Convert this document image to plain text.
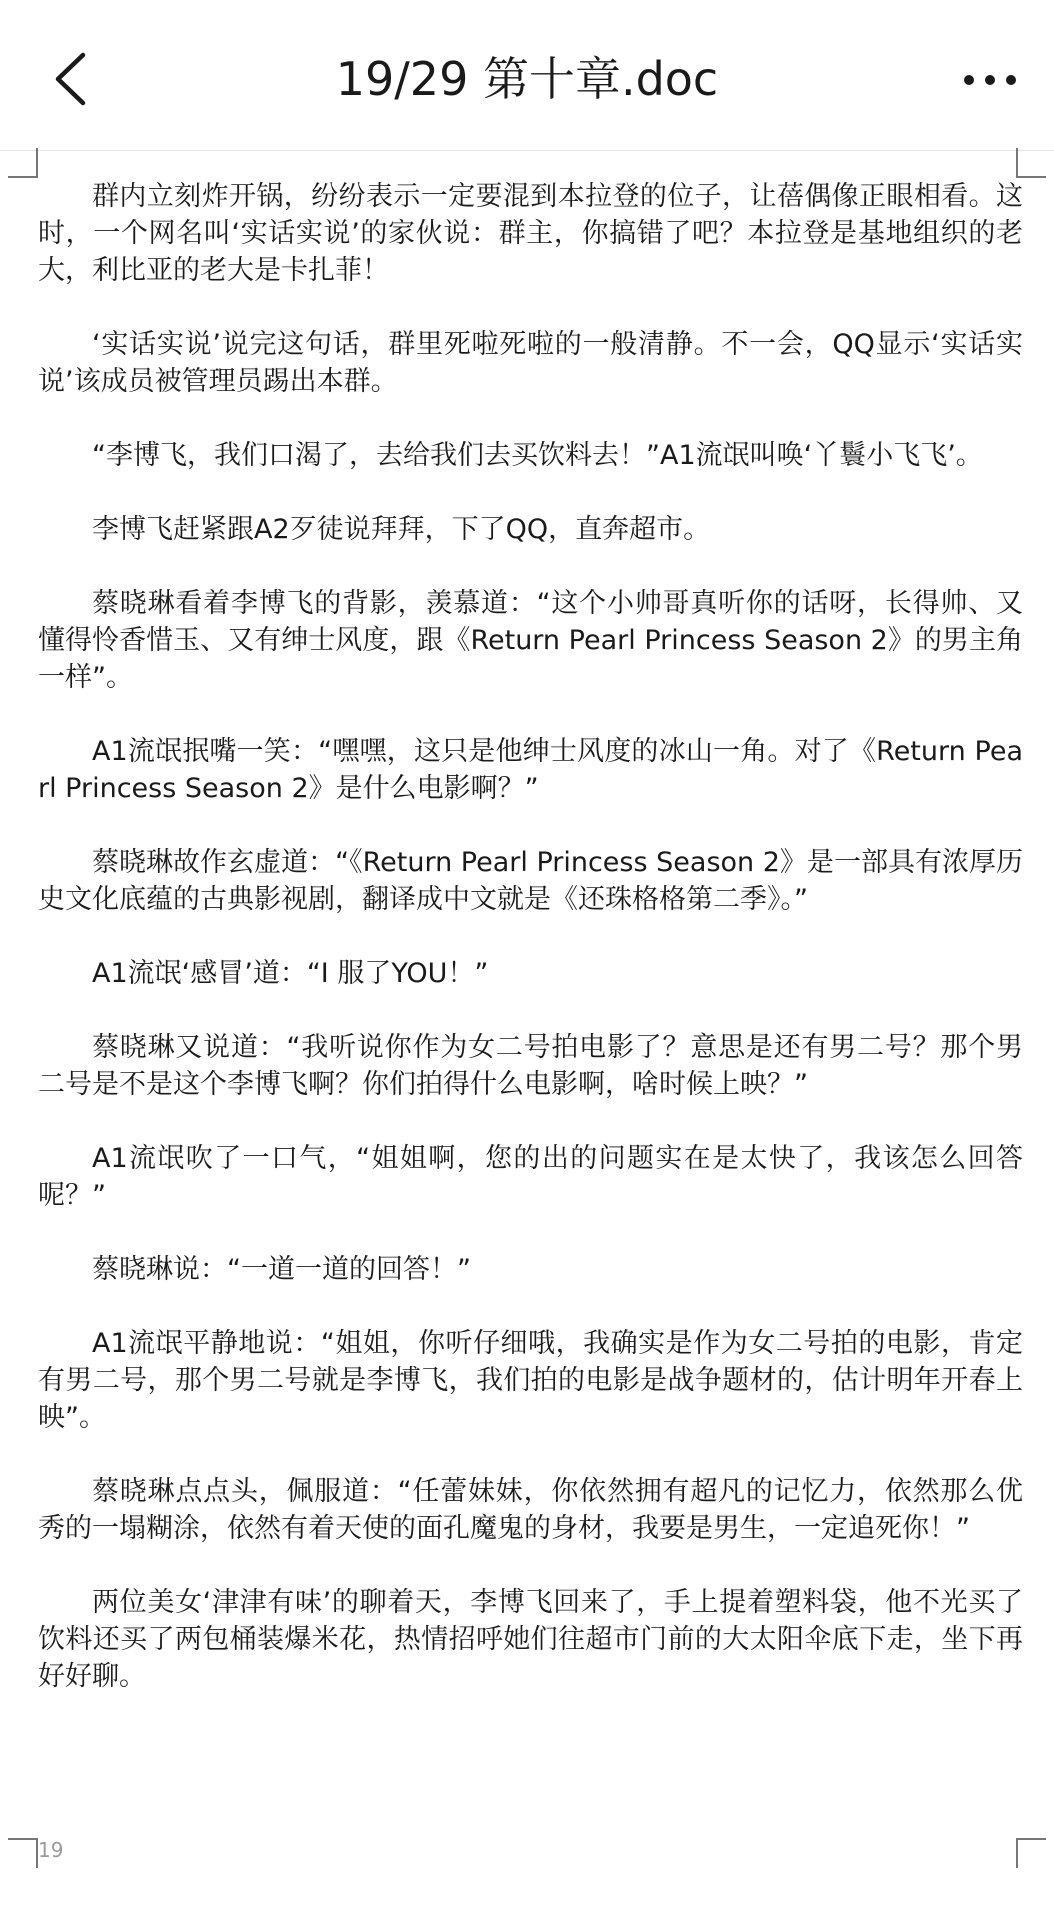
19/29 第十章.doc

群内立刻炸开锅，纷纷表示一定要混到本拉登的位子，让蓓偶像正眼相看。这时，一个网名叫‘实话实说’的家伙说：群主，你搞错了吧？本拉登是基地组织的老大，利比亚的老大是卡扎菲！

‘实话实说’说完这句话，群里死啦死啦的一般清静。不一会，QQ显示‘实话实说’该成员被管理员踢出本群。

“李博飞，我们口渴了，去给我们去买饮料去！”A1流氓叫唤‘丫鬟小飞飞’。

李博飞赶紧跟A2歹徒说拜拜，下了QQ，直奔超市。

蔡晓琳看着李博飞的背影，羡慕道：“这个小帅哥真听你的话呀，长得帅、又懂得怜香惜玉、又有绅士风度，跟《Return Pearl Princess Season 2》的男主角一样”。

A1流氓抿嘴一笑：“嘿嘿，这只是他绅士风度的冰山一角。对了《Return Pearl Princess Season 2》是什么电影啊？”

蔡晓琳故作玄虚道：“《Return Pearl Princess Season 2》是一部具有浓厚历史文化底蕴的古典影视剧，翻译成中文就是《还珠格格第二季》。”

A1流氓‘感冒’道：“I 服了YOU！”

蔡晓琳又说道：“我听说你作为女二号拍电影了？意思是还有男二号？那个男二号是不是这个李博飞啊？你们拍得什么电影啊，啥时候上映？”

A1流氓吹了一口气，“姐姐啊，您的出的问题实在是太快了，我该怎么回答呢？”

蔡晓琳说：“一道一道的回答！”

A1流氓平静地说：“姐姐，你听仔细哦，我确实是作为女二号拍的电影，肯定有男二号，那个男二号就是李博飞，我们拍的电影是战争题材的，估计明年开春上映”。

蔡晓琳点点头，佩服道：“任蕾妹妹，你依然拥有超凡的记忆力，依然那么优秀的一塌糊涂，依然有着天使的面孔魔鬼的身材，我要是男生，一定追死你！”

两位美女‘津津有味’的聊着天，李博飞回来了，手上提着塑料袋，他不光买了饮料还买了两包桶装爆米花，热情招呼她们往超市门前的大太阳伞底下走，坐下再好好聊。

19
